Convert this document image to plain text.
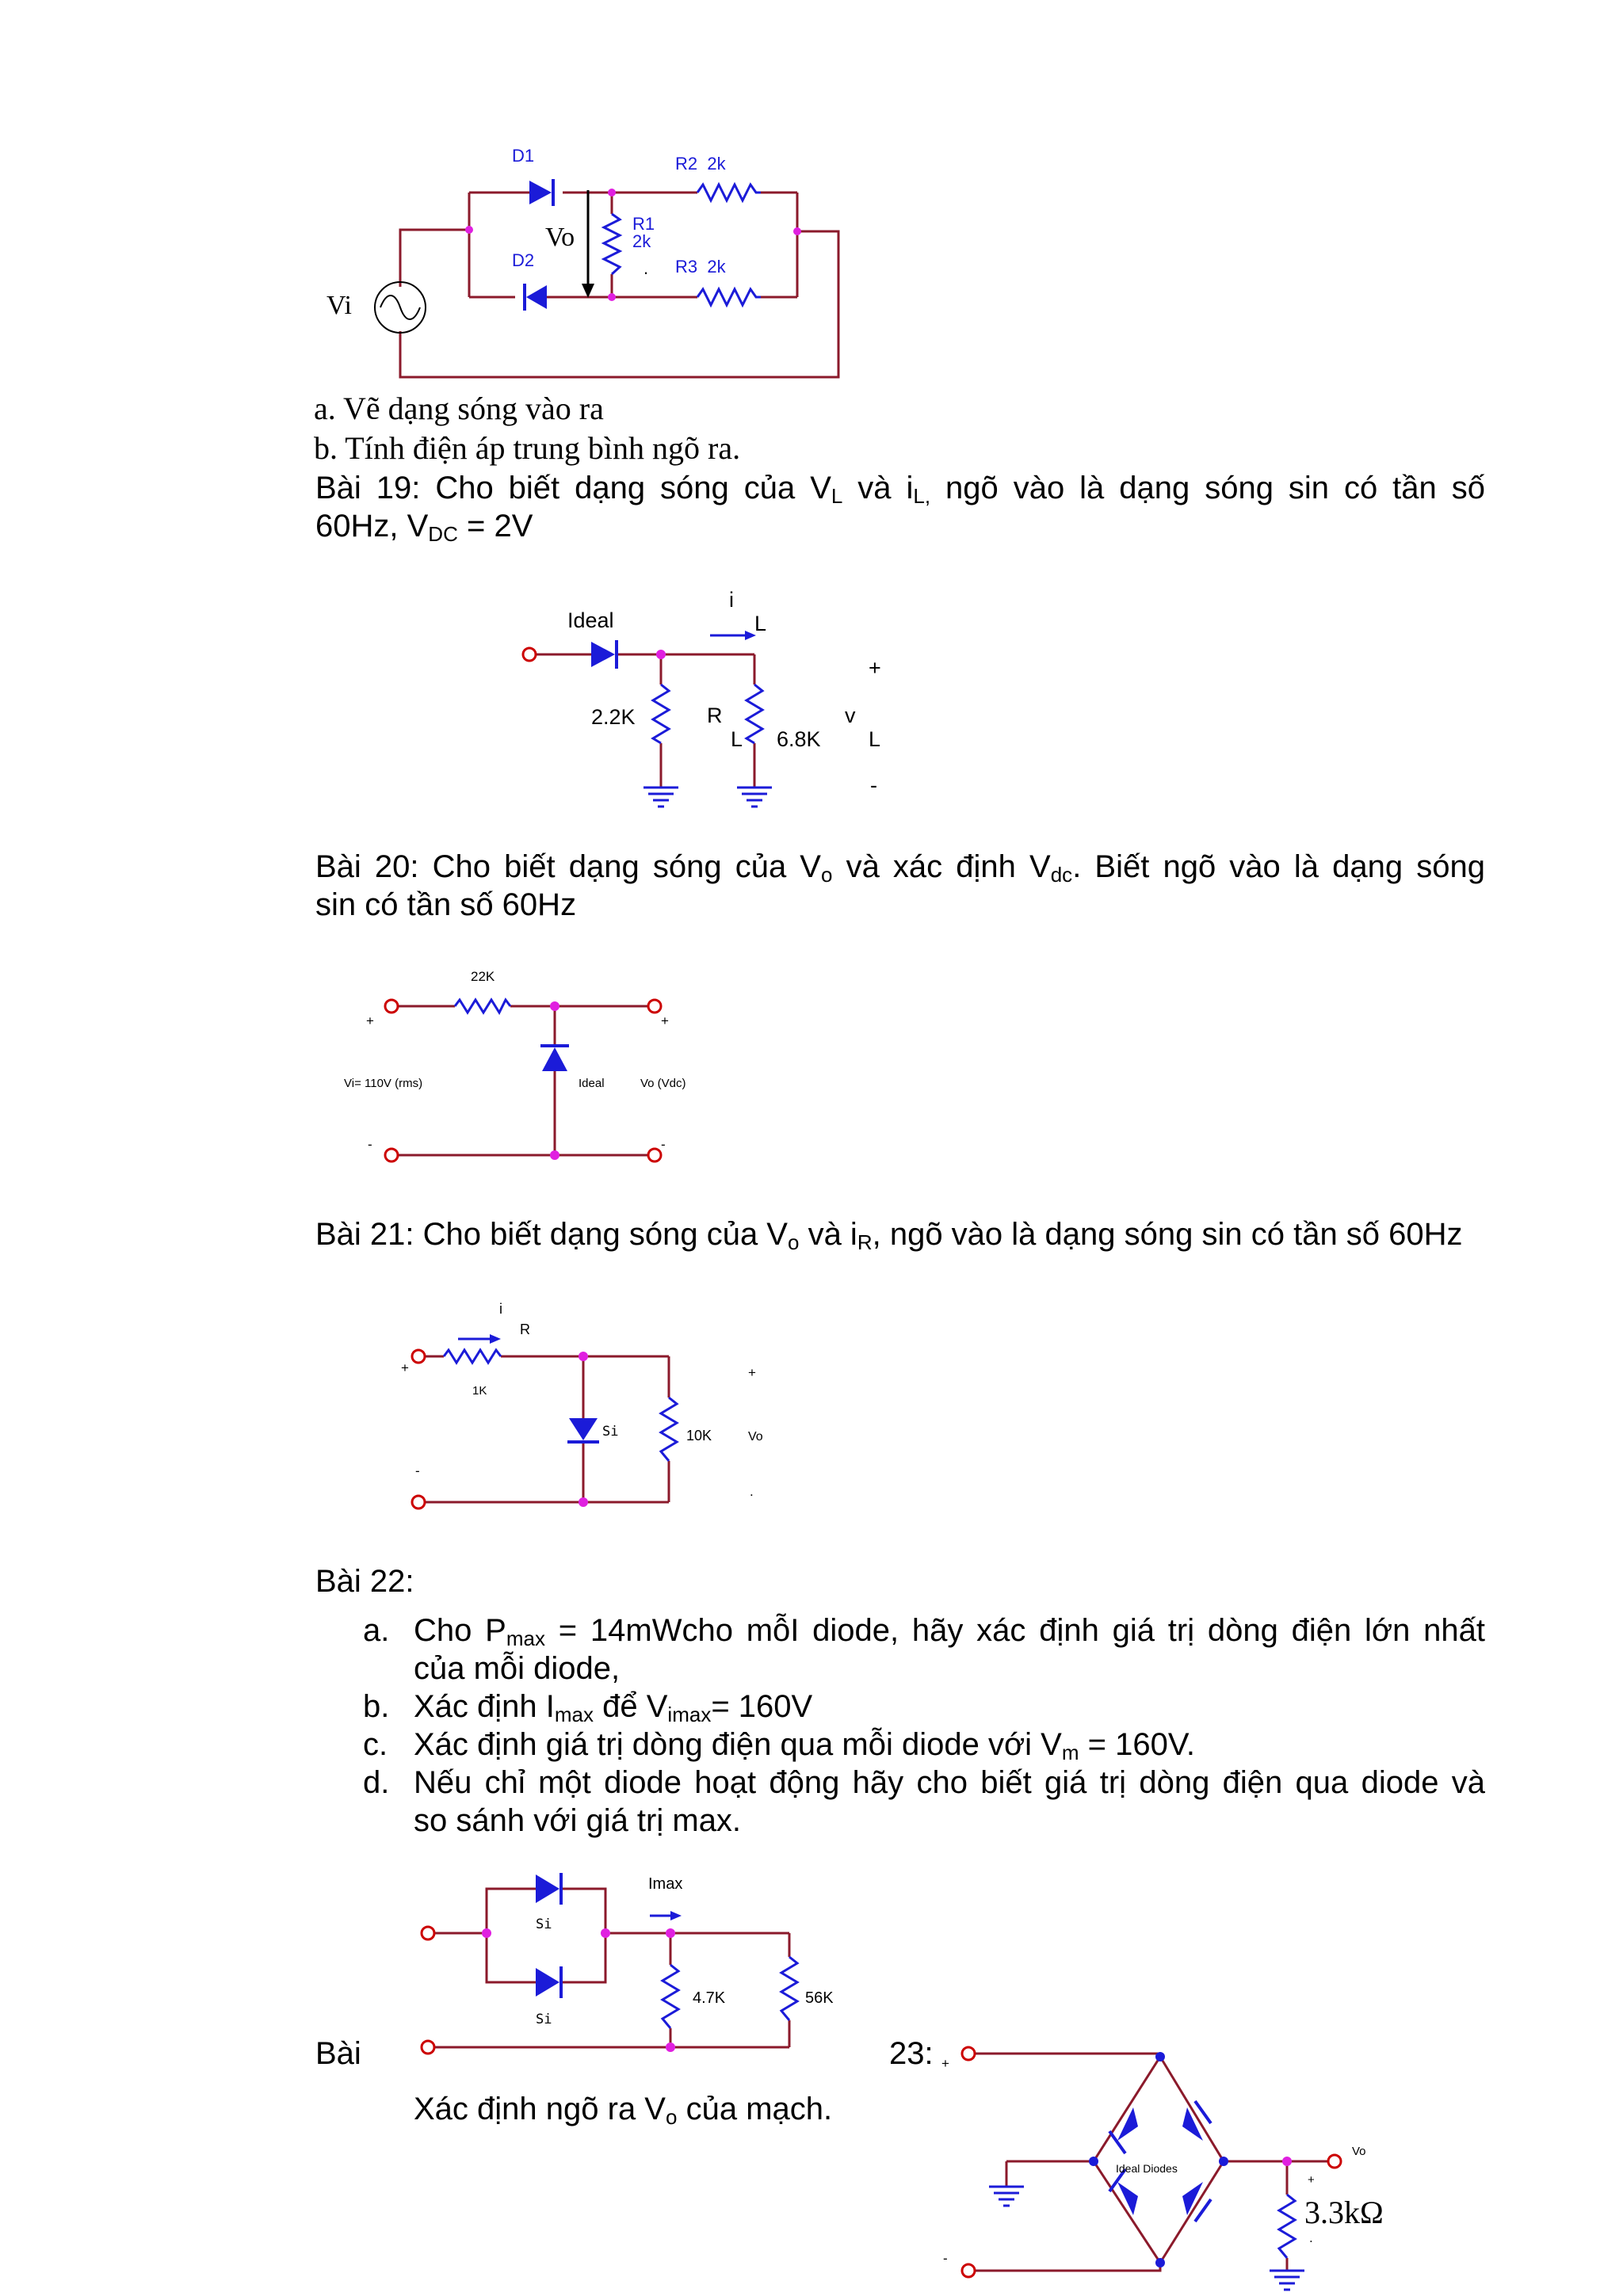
D1
D2
R2  2k
R3  2k
R1
2k
.
Vo
Vi
a. Vẽ dạng sóng vào ra
b. Tính điện áp trung bình ngõ ra.
Bài 19: Cho biết dạng sóng của $V_L$ và $i_{L,}$ ngõ vào là dạng sóng sin có tần số
60Hz, $V_{DC} = 2V$
Ideal
i
L
2.2K	R
L 6.8K
v
L
+
-
Bài 20: Cho biết dạng sóng của $V_o$ và xác định $V_{dc}$. Biết ngõ vào là dạng sóng
sin có tần số 60Hz
22K
Vi= 110V (rms)	Ideal	Vo (Vdc)
+	+
-	-
Bài 21: Cho biết dạng sóng của $V_o$ và $i_R$, ngõ vào là dạng sóng sin có tần số 60Hz
i
R
1K
Si	10K	Vo
+	+
-
.
Bài 22:
a. Cho $P_{max}$ = 14mWcho mỗI diode, hãy xác định giá trị dòng điện lớn nhất
của mỗi diode,
b. Xác định $I_{max}$ để $V_{imax}= 160V$
c. Xác định giá trị dòng điện qua mỗi diode với $V_m = 160V$.
d. Nếu chỉ một diode hoạt động hãy cho biết giá trị dòng điện qua diode và
so sánh với giá trị max.
Imax
Si
Si
4.7K	56K
Bài	23:
Xác định ngõ ra $V_o$ của mạch.
+
Ideal Diodes
Vo
+
3.3kΩ
.
-
